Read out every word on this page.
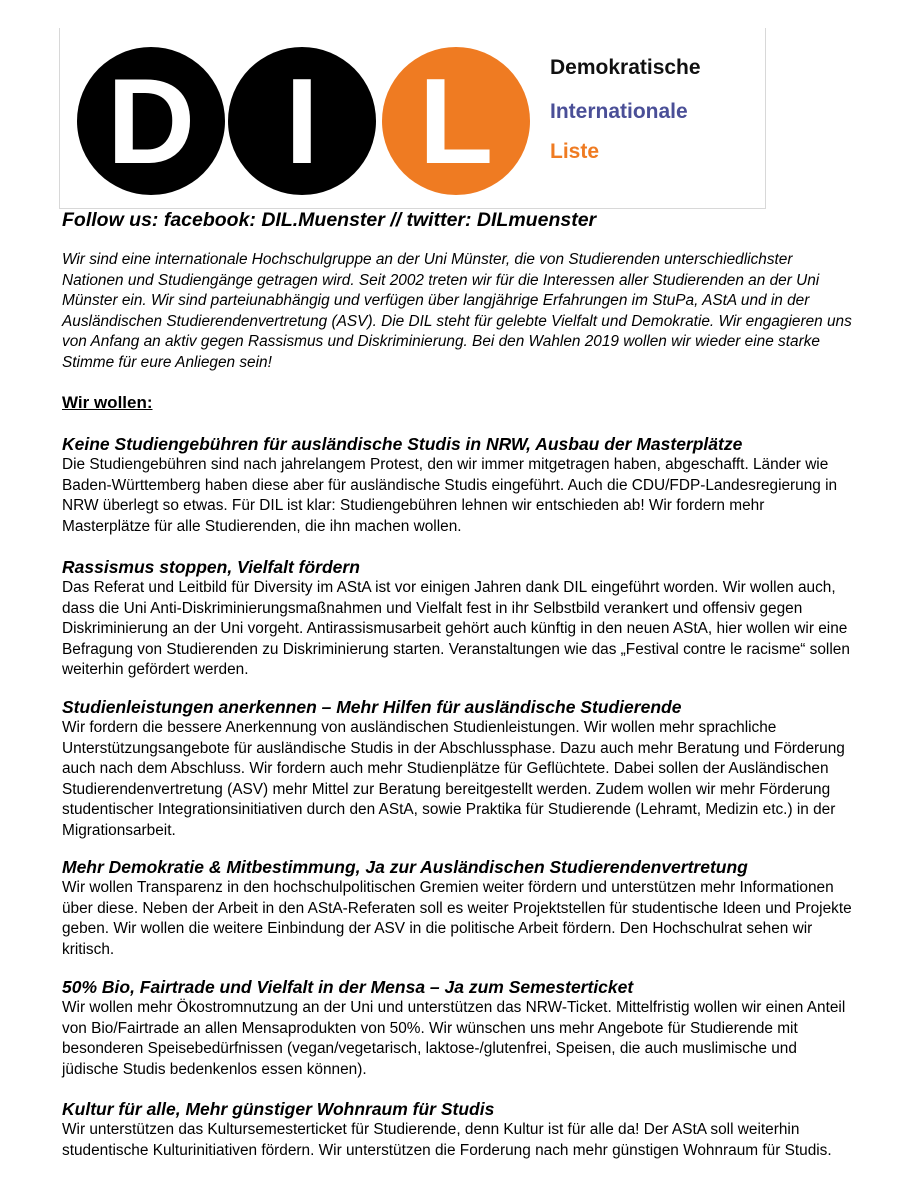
D I L	Demokratische
Internationale
Liste
Follow us: facebook: DIL.Muenster // twitter: DILmuenster

Wir sind eine internationale Hochschulgruppe an der Uni Münster, die von Studierenden unterschiedlichster Nationen und Studiengänge getragen wird. Seit 2002 treten wir für die Interessen aller Studierenden an der Uni Münster ein. Wir sind parteiunabhängig und verfügen über langjährige Erfahrungen im StuPa, AStA und in der Ausländischen Studierendenvertretung (ASV). Die DIL steht für gelebte Vielfalt und Demokratie. Wir engagieren uns von Anfang an aktiv gegen Rassismus und Diskriminierung. Bei den Wahlen 2019 wollen wir wieder eine starke Stimme für eure Anliegen sein!

Wir wollen:
Keine Studiengebühren für ausländische Studis in NRW, Ausbau der Masterplätze

Die Studiengebühren sind nach jahrelangem Protest, den wir immer mitgetragen haben, abgeschafft. Länder wie Baden-Württemberg haben diese aber für ausländische Studis eingeführt. Auch die CDU/FDP-Landesregierung in NRW überlegt so etwas. Für DIL ist klar: Studiengebühren lehnen wir entschieden ab! Wir fordern mehr Masterplätze für alle Studierenden, die ihn machen wollen.

Rassismus stoppen, Vielfalt fördern

Das Referat und Leitbild für Diversity im AStA ist vor einigen Jahren dank DIL eingeführt worden. Wir wollen auch, dass die Uni Anti-Diskriminierungsmaßnahmen und Vielfalt fest in ihr Selbstbild verankert und offensiv gegen Diskriminierung an der Uni vorgeht. Antirassismusarbeit gehört auch künftig in den neuen AStA, hier wollen wir eine Befragung von Studierenden zu Diskriminierung starten. Veranstaltungen wie das „Festival contre le racisme“ sollen weiterhin gefördert werden.

Studienleistungen anerkennen – Mehr Hilfen für ausländische Studierende

Wir fordern die bessere Anerkennung von ausländischen Studienleistungen. Wir wollen mehr sprachliche Unterstützungsangebote für ausländische Studis in der Abschlussphase. Dazu auch mehr Beratung und Förderung auch nach dem Abschluss. Wir fordern auch mehr Studienplätze für Geflüchtete. Dabei sollen der Ausländischen Studierendenvertretung (ASV) mehr Mittel zur Beratung bereitgestellt werden. Zudem wollen wir mehr Förderung studentischer Integrationsinitiativen durch den AStA, sowie Praktika für Studierende (Lehramt, Medizin etc.) in der Migrationsarbeit.

Mehr Demokratie & Mitbestimmung, Ja zur Ausländischen Studierendenvertretung

Wir wollen Transparenz in den hochschulpolitischen Gremien weiter fördern und unterstützen mehr Informationen über diese. Neben der Arbeit in den AStA-Referaten soll es weiter Projektstellen für studentische Ideen und Projekte geben. Wir wollen die weitere Einbindung der ASV in die politische Arbeit fördern. Den Hochschulrat sehen wir kritisch.

50% Bio, Fairtrade und Vielfalt in der Mensa – Ja zum Semesterticket

Wir wollen mehr Ökostromnutzung an der Uni und unterstützen das NRW-Ticket. Mittelfristig wollen wir einen Anteil von Bio/Fairtrade an allen Mensaprodukten von 50%. Wir wünschen uns mehr Angebote für Studierende mit besonderen Speisebedürfnissen (vegan/vegetarisch, laktose-/glutenfrei, Speisen, die auch muslimische und jüdische Studis bedenkenlos essen können).

Kultur für alle, Mehr günstiger Wohnraum für Studis

Wir unterstützen das Kultursemesterticket für Studierende, denn Kultur ist für alle da! Der AStA soll weiterhin studentische Kulturinitiativen fördern. Wir unterstützen die Forderung nach mehr günstigen Wohnraum für Studis.
